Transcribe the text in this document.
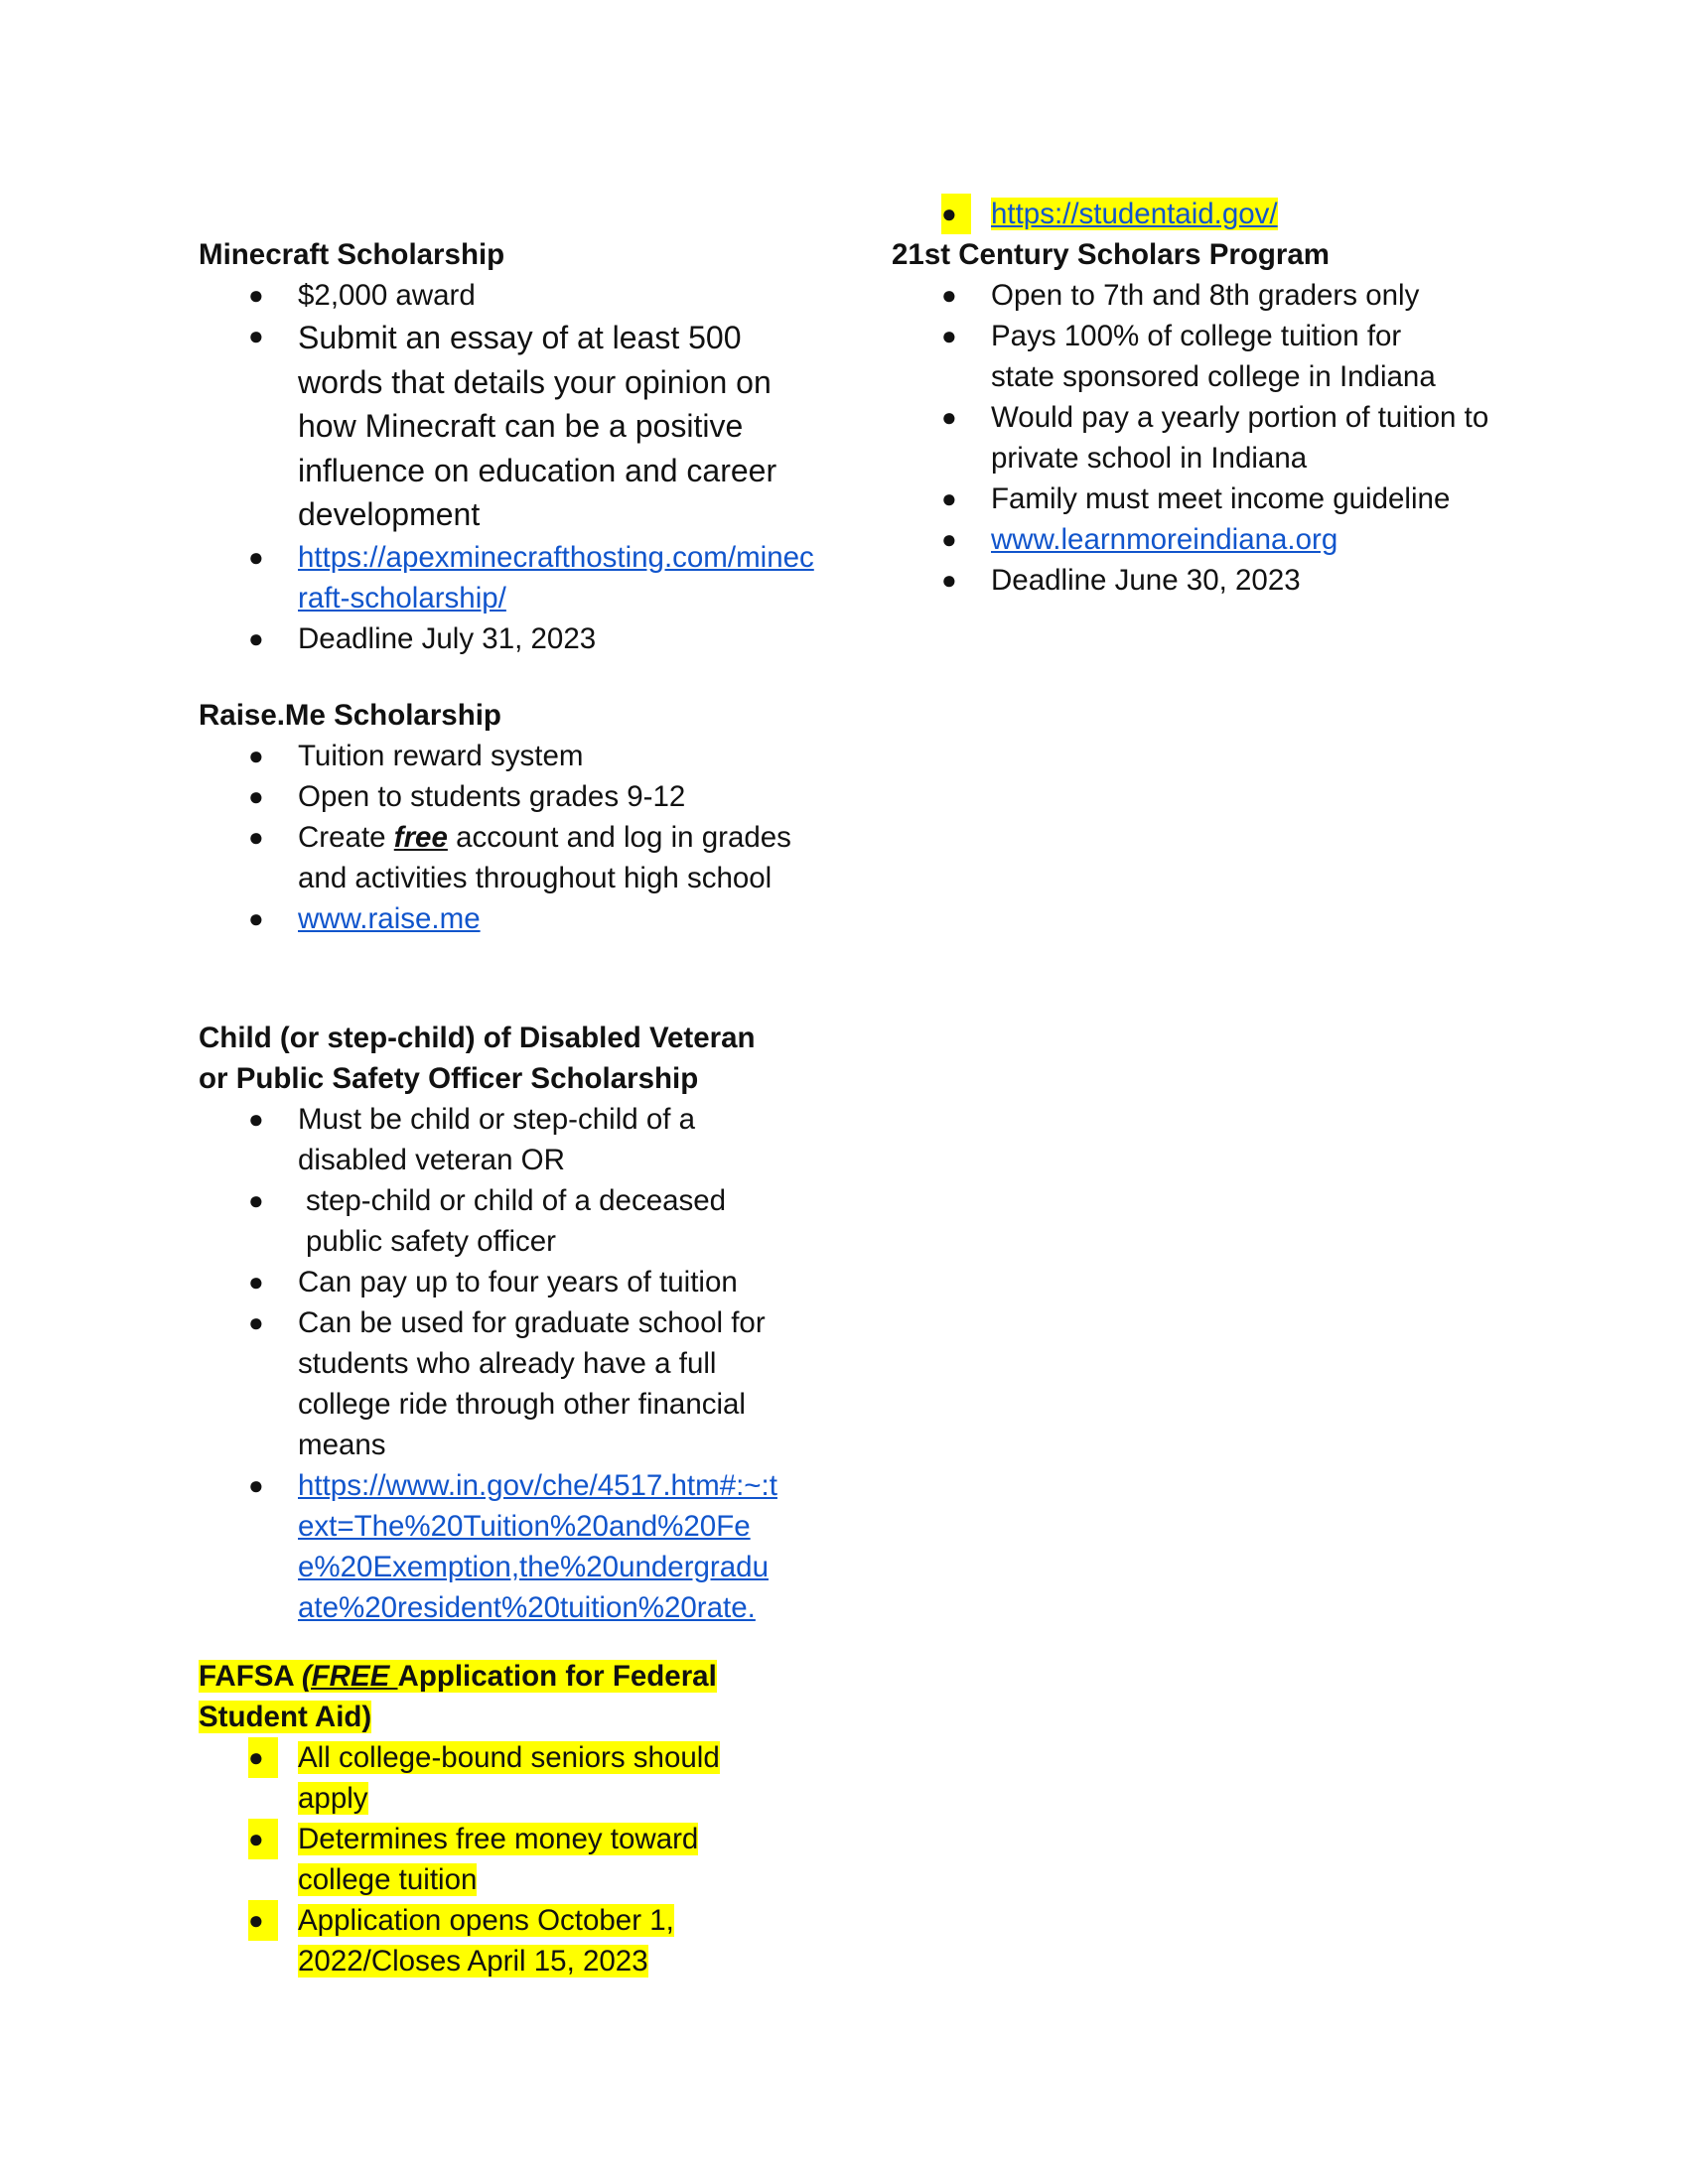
Minecraft Scholarship

●	$2,000 award
●	Submit an essay of at least 500 words that details your opinion on how Minecraft can be a positive influence on education and career development
●	https://apexminecrafthosting.com/minecraft-scholarship/
●	Deadline July 31, 2023

Raise.Me Scholarship

●	Tuition reward system
●	Open to students grades 9-12
●	Create free account and log in grades and activities throughout high school
●	www.raise.me

Child (or step-child) of Disabled Veteran or Public Safety Officer Scholarship

●	Must be child or step-child of a disabled veteran OR
●	step-child or child of a deceased public safety officer
●	Can pay up to four years of tuition
●	Can be used for graduate school for students who already have a full college ride through other financial means
●	https://www.in.gov/che/4517.htm#:~:text=The%20Tuition%20and%20Fee%20Exemption,the%20undergraduate%20resident%20tuition%20rate.

FAFSA (FREE Application for Federal Student Aid)

●	All college-bound seniors should apply
●	Determines free money toward college tuition
●	Application opens October 1, 2022/Closes April 15, 2023
●	https://studentaid.gov/

21st Century Scholars Program

●	Open to 7th and 8th graders only
●	Pays 100% of college tuition for state sponsored college in Indiana
●	Would pay a yearly portion of tuition to private school in Indiana
●	Family must meet income guideline
●	www.learnmoreindiana.org
●	Deadline June 30, 2023
